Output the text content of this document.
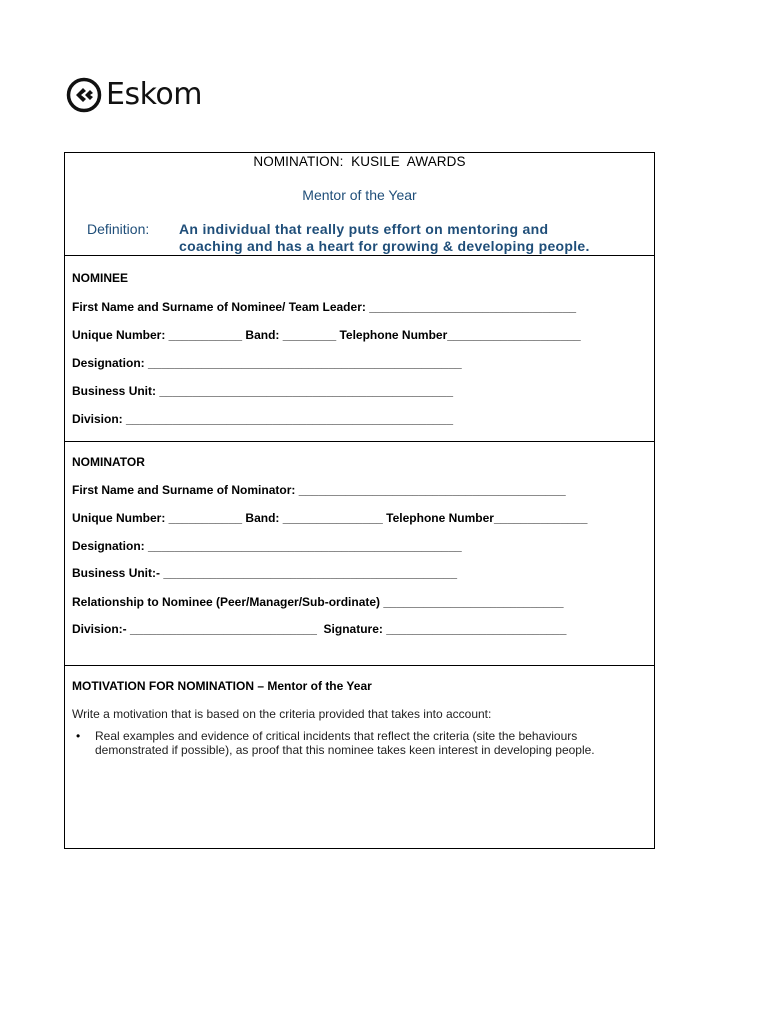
Eskom
NOMINATION:  KUSILE  AWARDS
Mentor of the Year
Definition: An individual that really puts effort on mentoring and
coaching and has a heart for growing & developing people.
NOMINEE
First Name and Surname of Nominee/ Team Leader: _______________________________
Unique Number: ___________ Band: ________ Telephone Number____________________
Designation: _______________________________________________
Business Unit: ____________________________________________
Division: _________________________________________________
NOMINATOR
First Name and Surname of Nominator: ________________________________________
Unique Number: ___________ Band: _______________ Telephone Number______________
Designation: _______________________________________________
Business Unit:- ____________________________________________
Relationship to Nominee (Peer/Manager/Sub-ordinate) ___________________________
Division:- ____________________________  Signature: ___________________________
MOTIVATION FOR NOMINATION – Mentor of the Year
Write a motivation that is based on the criteria provided that takes into account:
• Real examples and evidence of critical incidents that reflect the criteria (site the behaviours demonstrated if possible), as proof that this nominee takes keen interest in developing people.
